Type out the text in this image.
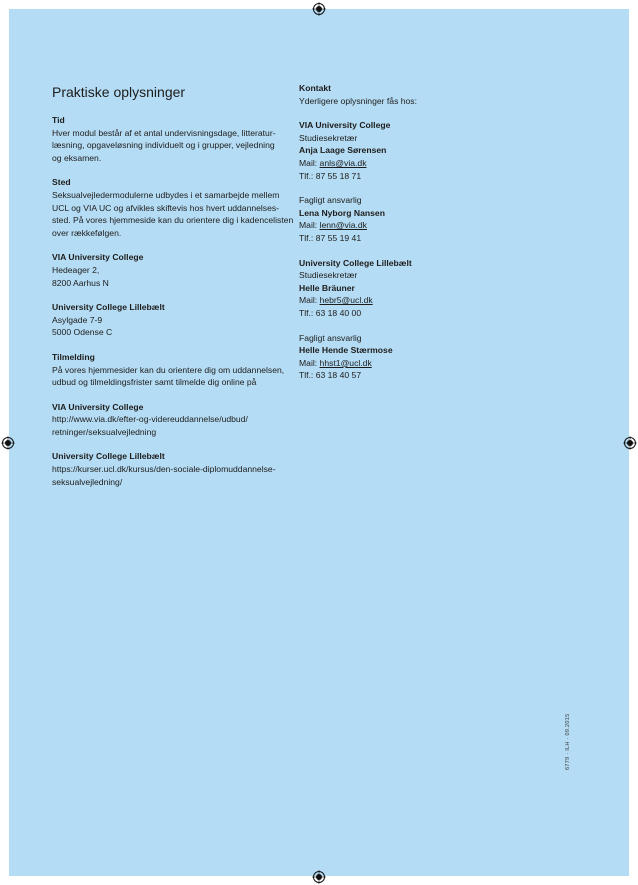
Praktiske oplysninger
Tid
Hver modul består af et antal undervisningsdage, litteratur-
læsning, opgaveløsning individuelt og i grupper, vejledning
og eksamen.
Sted
Seksualvejledermodulerne udbydes i et samarbejde mellem
UCL og VIA UC og afvikles skiftevis hos hvert uddannelses-
sted. På vores hjemmeside kan du orientere dig i kadencelisten
over rækkefølgen.
VIA University College
Hedeager 2,
8200 Aarhus N
University College Lillebælt
Asylgade 7-9
5000 Odense C
Tilmelding
På vores hjemmesider kan du orientere dig om uddannelsen,
udbud og tilmeldingsfrister samt tilmelde dig online på
VIA University College
http://www.via.dk/efter-og-videreuddannelse/udbud/
retninger/seksualvejledning
University College Lillebælt
https://kurser.ucl.dk/kursus/den-sociale-diplomuddannelse-
seksualvejledning/
Kontakt
Yderligere oplysninger fås hos:
VIA University College
Studiesekretær
Anja Laage Sørensen
Mail: anls@via.dk
Tlf.: 87 55 18 71
Fagligt ansvarlig
Lena Nyborg Nansen
Mail: lenn@via.dk
Tlf.: 87 55 19 41
University College Lillebælt
Studiesekretær
Helle Bräuner
Mail: hebr5@ucl.dk
Tlf.: 63 18 40 00
Fagligt ansvarlig
Helle Hende Stærmose
Mail: hhst1@ucl.dk
Tlf.: 63 18 40 57
6779 · ILH · 09.2015
